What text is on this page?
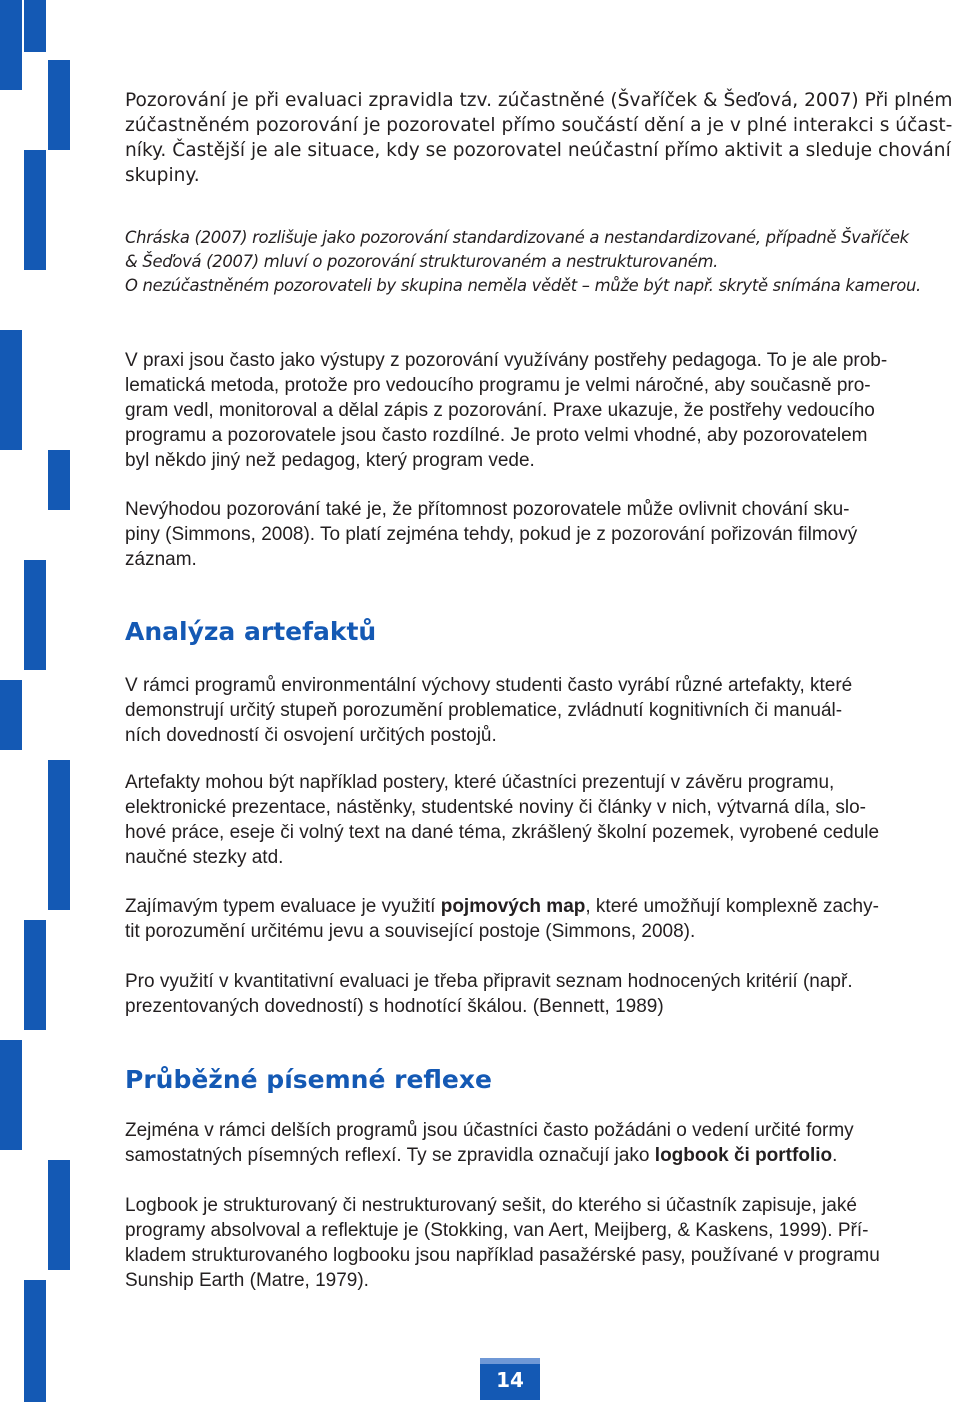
Pozorování je při evaluaci zpravidla tzv. zúčastněné (Švaříček & Šeďová, 2007) Při plném
zúčastněném pozorování je pozorovatel přímo součástí dění a je v plné interakci s účast-
níky. Častější je ale situace, kdy se pozorovatel neúčastní přímo aktivit a sleduje chování
skupiny.

Chráska (2007) rozlišuje jako pozorování standardizované a nestandardizované, případně Švaříček
& Šeďová (2007) mluví o pozorování strukturovaném a nestrukturovaném.
O nezúčastněném pozorovateli by skupina neměla vědět – může být např. skrytě snímána kamerou.

V praxi jsou často jako výstupy z pozorování využívány postřehy pedagoga. To je ale prob-
lematická metoda, protože pro vedoucího programu je velmi náročné, aby současně pro-
gram vedl, monitoroval a dělal zápis z pozorování. Praxe ukazuje, že postřehy vedoucího
programu a pozorovatele jsou často rozdílné. Je proto velmi vhodné, aby pozorovatelem
byl někdo jiný než pedagog, který program vede.

Nevýhodou pozorování také je, že přítomnost pozorovatele může ovlivnit chování sku-
piny (Simmons, 2008). To platí zejména tehdy, pokud je z pozorování pořizován filmový
záznam.

Analýza artefaktů

V rámci programů environmentální výchovy studenti často vyrábí různé artefakty, které
demonstrují určitý stupeň porozumění problematice, zvládnutí kognitivních či manuál-
ních dovedností či osvojení určitých postojů.

Artefakty mohou být například postery, které účastníci prezentují v závěru programu,
elektronické prezentace, nástěnky, studentské noviny či články v nich, výtvarná díla, slo-
hové práce, eseje či volný text na dané téma, zkrášlený školní pozemek, vyrobené cedule
naučné stezky atd.

Zajímavým typem evaluace je využití pojmových map, které umožňují komplexně zachy-
tit porozumění určitému jevu a související postoje (Simmons, 2008).

Pro využití v kvantitativní evaluaci je třeba připravit seznam hodnocených kritérií (např.
prezentovaných dovedností) s hodnotící škálou. (Bennett, 1989)

Průběžné písemné reflexe

Zejména v rámci delších programů jsou účastníci často požádáni o vedení určité formy
samostatných písemných reflexí. Ty se zpravidla označují jako logbook či portfolio.

Logbook je strukturovaný či nestrukturovaný sešit, do kterého si účastník zapisuje, jaké
programy absolvoval a reflektuje je (Stokking, van Aert, Meijberg, & Kaskens, 1999). Pří-
kladem strukturovaného logbooku jsou například pasažérské pasy, používané v programu
Sunship Earth (Matre, 1979).

14
